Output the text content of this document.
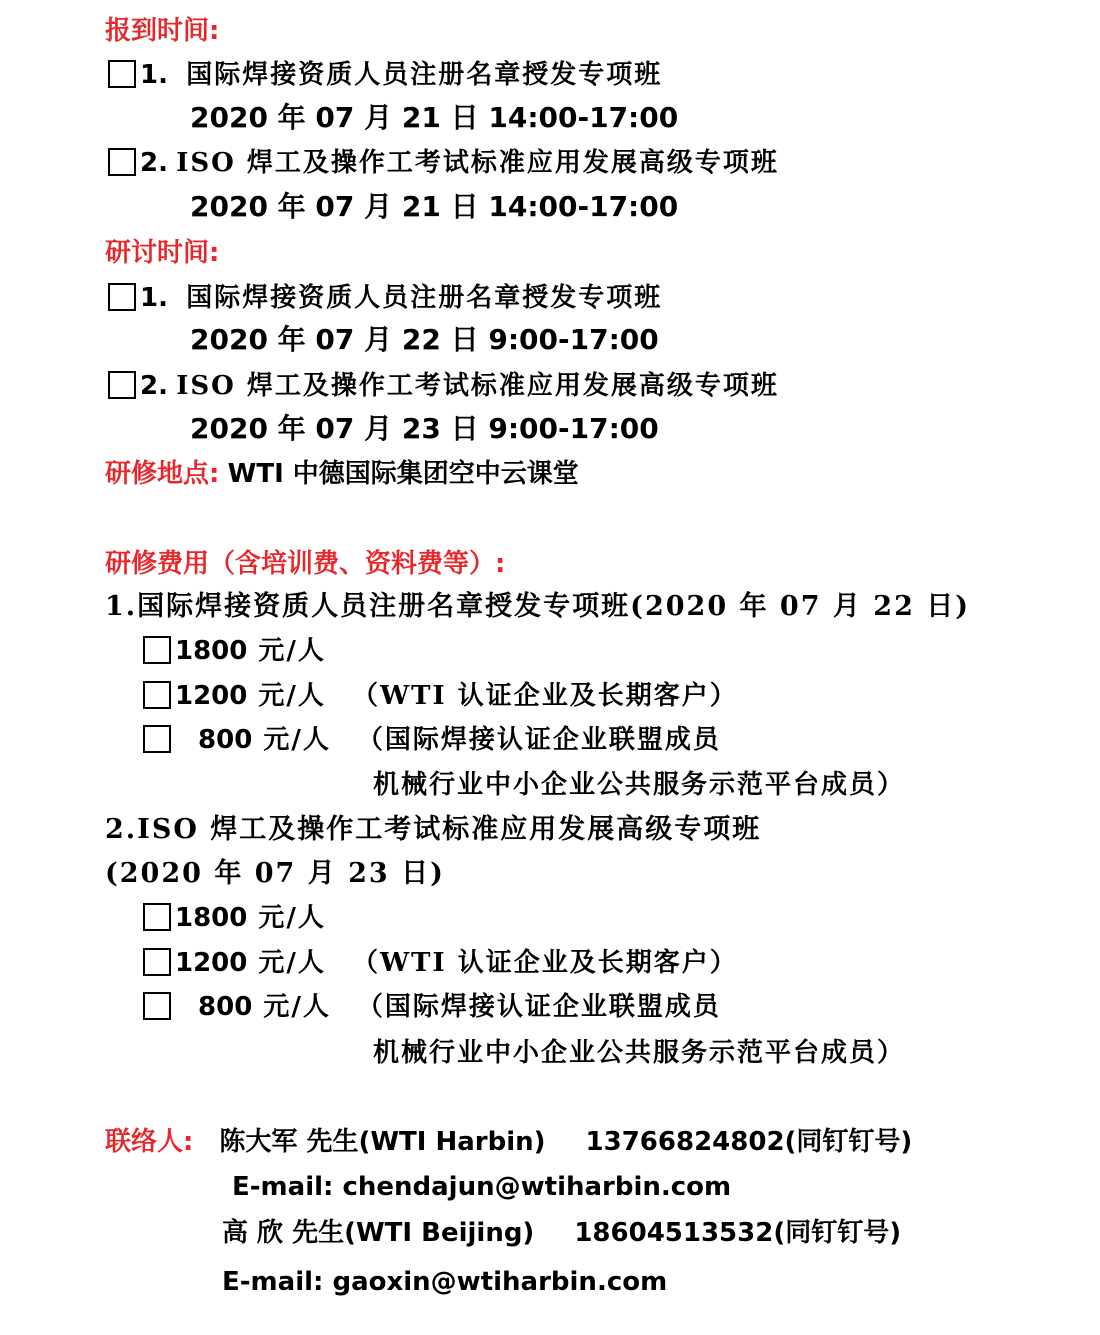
报到时间:
1. 国际焊接资质人员注册名章授发专项班
2020 年 07 月 21 日 14:00-17:00
2. ISO 焊工及操作工考试标准应用发展高级专项班
2020 年 07 月 21 日 14:00-17:00
研讨时间:
1. 国际焊接资质人员注册名章授发专项班
2020 年 07 月 22 日 9:00-17:00
2. ISO 焊工及操作工考试标准应用发展高级专项班
2020 年 07 月 23 日 9:00-17:00
研修地点: WTI 中德国际集团空中云课堂
研修费用（含培训费、资料费等）:
1.国际焊接资质人员注册名章授发专项班(2020 年 07 月 22 日)
1800 元/人
1200 元/人 （WTI 认证企业及长期客户）
800 元/人 （国际焊接认证企业联盟成员
机械行业中小企业公共服务示范平台成员）
2.ISO 焊工及操作工考试标准应用发展高级专项班
(2020 年 07 月 23 日)
1800 元/人
1200 元/人 （WTI 认证企业及长期客户）
800 元/人 （国际焊接认证企业联盟成员
机械行业中小企业公共服务示范平台成员）
联络人: 陈大军 先生(WTI Harbin) 13766824802(同钉钉号)
E-mail: chendajun@wtiharbin.com
高 欣 先生(WTI Beijing) 18604513532(同钉钉号)
E-mail: gaoxin@wtiharbin.com
